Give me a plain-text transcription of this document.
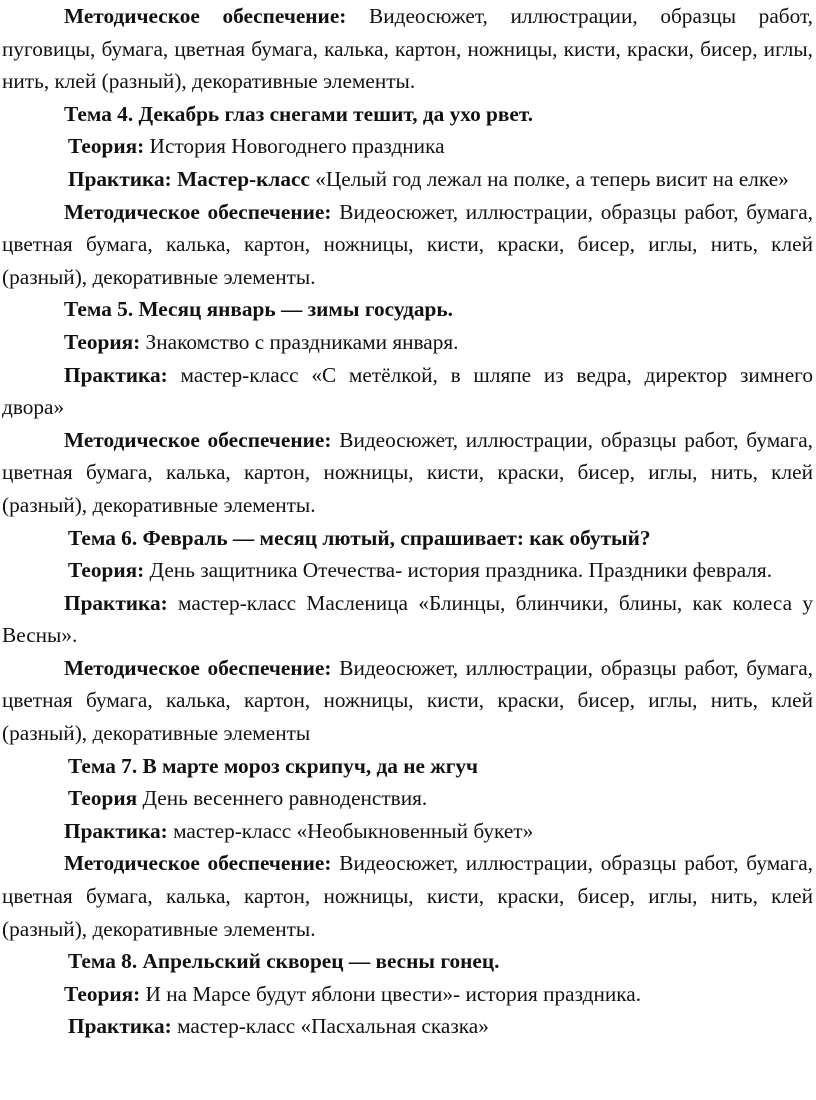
Методическое обеспечение: Видеосюжет, иллюстрации, образцы работ, пуговицы, бумага, цветная бумага, калька, картон, ножницы, кисти, краски, бисер, иглы, нить, клей (разный), декоративные элементы.

Тема 4. Декабрь глаз снегами тешит, да ухо рвет.

Теория: История Новогоднего праздника

Практика: Мастер-класс «Целый год лежал на полке, а теперь висит на елке»

Методическое обеспечение: Видеосюжет, иллюстрации, образцы работ, бумага, цветная бумага, калька, картон, ножницы, кисти, краски, бисер, иглы, нить, клей (разный), декоративные элементы.

Тема 5. Месяц январь — зимы государь.

Теория: Знакомство с праздниками января.

Практика: мастер-класс «С метёлкой, в шляпе из ведра, директор зимнего двора»

Методическое обеспечение: Видеосюжет, иллюстрации, образцы работ, бумага, цветная бумага, калька, картон, ножницы, кисти, краски, бисер, иглы, нить, клей (разный), декоративные элементы.

Тема 6. Февраль — месяц лютый, спрашивает: как обутый?

Теория: День защитника Отечества- история праздника. Праздники февраля.

Практика: мастер-класс Масленица «Блинцы, блинчики, блины, как колеса у Весны».

Методическое обеспечение: Видеосюжет, иллюстрации, образцы работ, бумага, цветная бумага, калька, картон, ножницы, кисти, краски, бисер, иглы, нить, клей (разный), декоративные элементы

Тема 7. В марте мороз скрипуч, да не жгуч

Теория День весеннего равноденствия.

Практика: мастер-класс «Необыкновенный букет»

Методическое обеспечение: Видеосюжет, иллюстрации, образцы работ, бумага, цветная бумага, калька, картон, ножницы, кисти, краски, бисер, иглы, нить, клей (разный), декоративные элементы.

Тема 8. Апрельский скворец — весны гонец.

Теория: И на Марсе будут яблони цвести»- история праздника.

Практика: мастер-класс «Пасхальная сказка»
